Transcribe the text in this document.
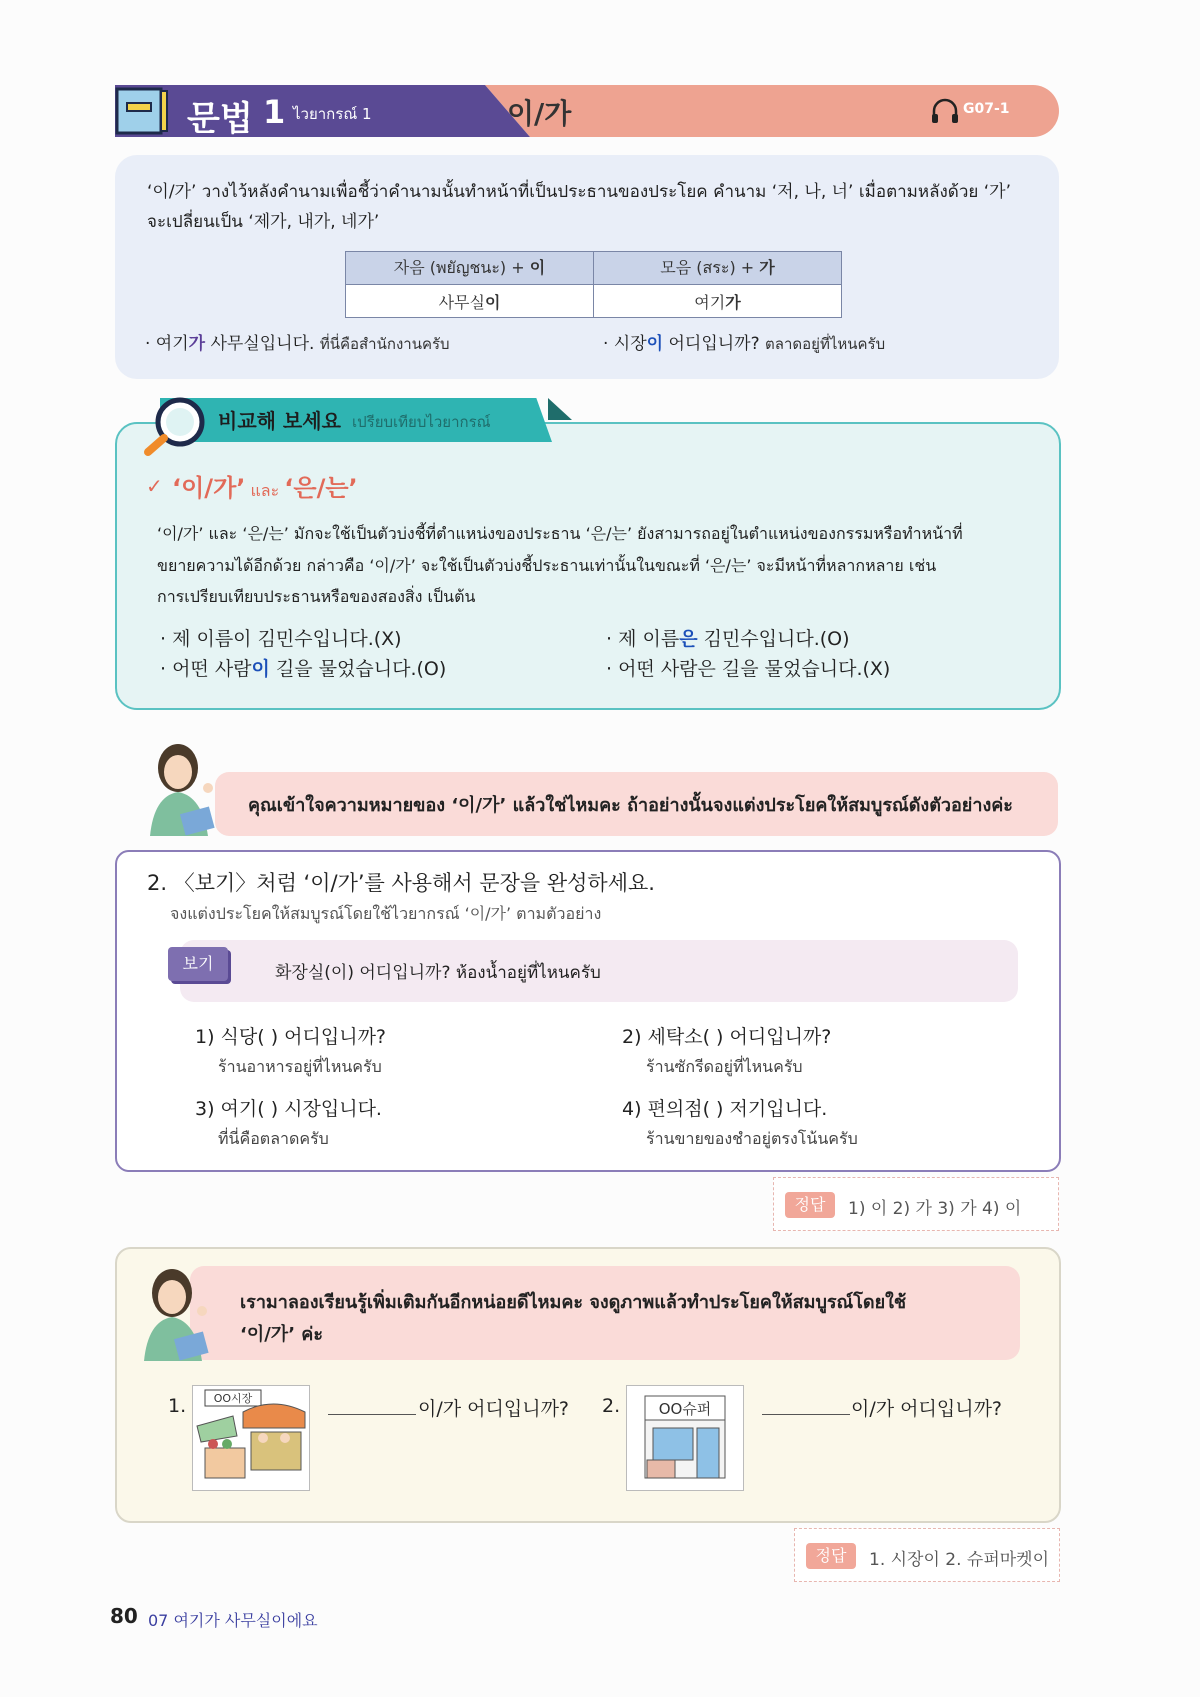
문법 1 ไวยากรณ์ 1	이/가	G07-1
‘이/가’ วางไว้หลังคำนามเพื่อชี้ว่าคำนามนั้นทำหน้าที่เป็นประธานของประโยค คำนาม ‘저, 나, 너’ เมื่อตามหลังด้วย ‘가’
จะเปลี่ยนเป็น ‘제가, 내가, 네가’
자음 (พยัญชนะ) + 이	모음 (สระ) + 가
사무실이	여기가
· 여기가 사무실입니다. ที่นี่คือสำนักงานครับ	· 시장이 어디입니까? ตลาดอยู่ที่ไหนครับ
비교해 보세요 เปรียบเทียบไวยากรณ์
✓ ‘이/가’ และ ‘은/는’
‘이/가’ และ ‘은/는’ มักจะใช้เป็นตัวบ่งชี้ที่ตำแหน่งของประธาน ‘은/는’ ยังสามารถอยู่ในตำแหน่งของกรรมหรือทำหน้าที่
ขยายความได้อีกด้วย กล่าวคือ ‘이/가’ จะใช้เป็นตัวบ่งชี้ประธานเท่านั้นในขณะที่ ‘은/는’ จะมีหน้าที่หลากหลาย เช่น
การเปรียบเทียบประธานหรือของสองสิ่ง เป็นต้น
· 제 이름이 김민수입니다.(X)	· 제 이름은 김민수입니다.(O)
· 어떤 사람이 길을 물었습니다.(O)	· 어떤 사람은 길을 물었습니다.(X)
คุณเข้าใจความหมายของ ‘이/가’ แล้วใช่ไหมคะ ถ้าอย่างนั้นจงแต่งประโยคให้สมบูรณ์ดังตัวอย่างค่ะ
2. 〈보기〉처럼 ‘이/가’를 사용해서 문장을 완성하세요.
จงแต่งประโยคให้สมบูรณ์โดยใช้ไวยากรณ์ ‘이/가’ ตามตัวอย่าง
보기	화장실(이) 어디입니까? ห้องน้ำอยู่ที่ไหนครับ
1) 식당( ) 어디입니까?
ร้านอาหารอยู่ที่ไหนครับ
2) 세탁소( ) 어디입니까?
ร้านซักรีดอยู่ที่ไหนครับ
3) 여기( ) 시장입니다.
ที่นี่คือตลาดครับ
4) 편의점( ) 저기입니다.
ร้านขายของชำอยู่ตรงโน้นครับ
정답	1) 이 2) 가 3) 가 4) 이
เรามาลองเรียนรู้เพิ่มเติมกันอีกหน่อยดีไหมคะ จงดูภาพแล้วทำประโยคให้สมบูรณ์โดยใช้
‘이/가’ ค่ะ
1.	OO시장	이/가 어디입니까? 2.	OO슈퍼	이/가 어디입니까?
정답	1. 시장이 2. 슈퍼마켓이
80 07 여기가 사무실이에요
